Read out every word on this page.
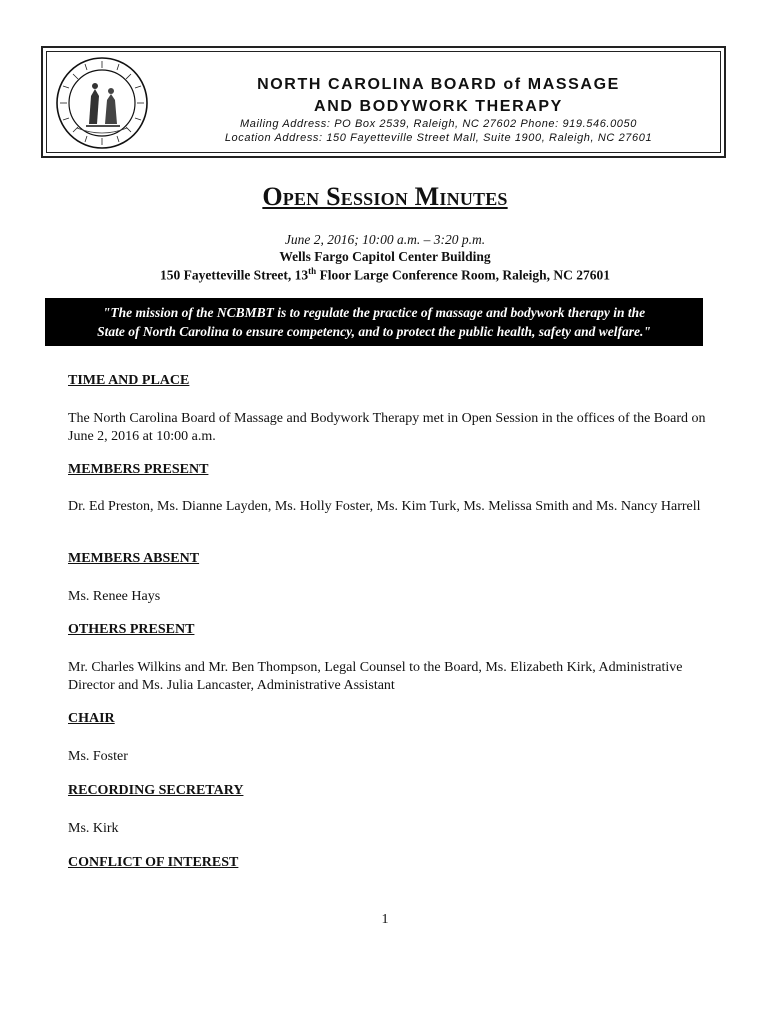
NORTH CAROLINA BOARD of MASSAGE
AND BODYWORK THERAPY
Mailing Address: PO Box 2539, Raleigh, NC 27602 Phone: 919.546.0050
Location Address: 150 Fayetteville Street Mall, Suite 1900, Raleigh, NC 27601
Open Session Minutes
June 2, 2016; 10:00 a.m. – 3:20 p.m.
Wells Fargo Capitol Center Building
150 Fayetteville Street, 13th Floor Large Conference Room, Raleigh, NC 27601
"The mission of the NCBMBT is to regulate the practice of massage and bodywork therapy in the
State of North Carolina to ensure competency, and to protect the public health, safety and welfare."
TIME AND PLACE
The North Carolina Board of Massage and Bodywork Therapy met in Open Session in the offices of the Board on June 2, 2016 at 10:00 a.m.
MEMBERS PRESENT
Dr. Ed Preston, Ms. Dianne Layden, Ms. Holly Foster, Ms. Kim Turk, Ms. Melissa Smith and Ms. Nancy Harrell
MEMBERS ABSENT
Ms. Renee Hays
OTHERS PRESENT
Mr. Charles Wilkins and Mr. Ben Thompson, Legal Counsel to the Board, Ms. Elizabeth Kirk, Administrative Director and Ms. Julia Lancaster, Administrative Assistant
CHAIR
Ms. Foster
RECORDING SECRETARY
Ms. Kirk
CONFLICT OF INTEREST
1
